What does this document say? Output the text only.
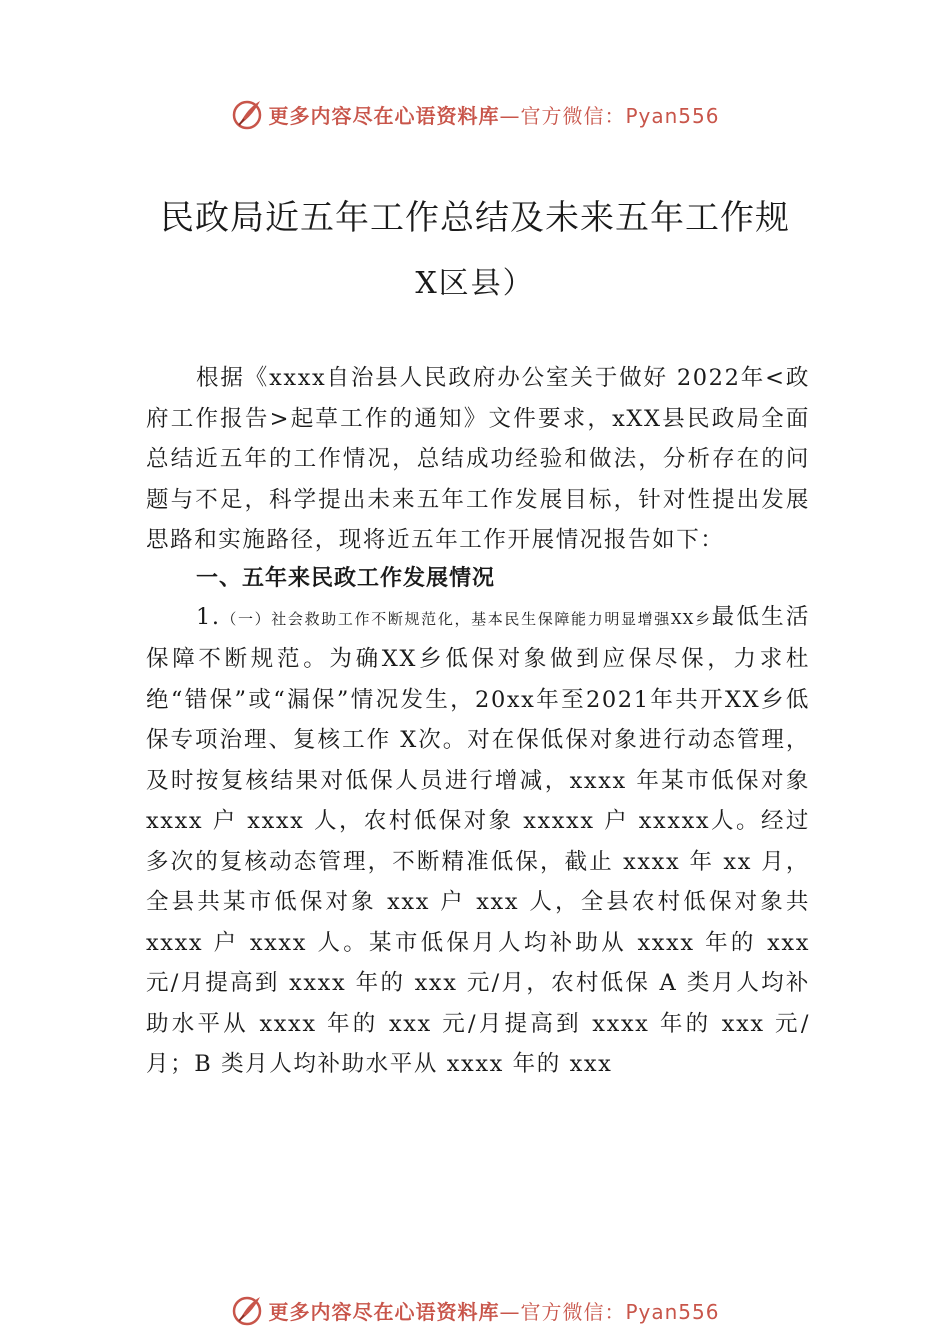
更多内容尽在心语资料库 —官方微信：Pyan556
民政局近五年工作总结及未来五年工作规
X区县）

根据《xxxx自治县人民政府办公室关于做好 2022年<政府工作报告>起草工作的通知》文件要求，xXX县民政局全面总结近五年的工作情况，总结成功经验和做法，分析存在的问题与不足，科学提出未来五年工作发展目标，针对性提出发展思路和实施路径，现将近五年工作开展情况报告如下：

一、五年来民政工作发展情况

1.（一）社会救助工作不断规范化，基本民生保障能力明显增强XX乡最低生活保障不断规范。为确XX乡低保对象做到应保尽保，力求杜绝“错保”或“漏保”情况发生，20xx年至2021年共开XX乡低保专项治理、复核工作 X次。对在保低保对象进行动态管理，及时按复核结果对低保人员进行增减，xxxx 年某市低保对象 xxxx 户 xxxx 人，农村低保对象 xxxxx 户 xxxxx人。经过多次的复核动态管理，不断精准低保，截止 xxxx 年 xx 月，全县共某市低保对象 xxx 户 xxx 人，全县农村低保对象共 xxxx 户 xxxx 人。某市低保月人均补助从 xxxx 年的 xxx 元/月提高到 xxxx 年的 xxx 元/月，农村低保 A 类月人均补助水平从 xxxx 年的 xxx 元/月提高到 xxxx 年的 xxx 元/月；B 类月人均补助水平从 xxxx 年的 xxx

更多内容尽在心语资料库 —官方微信：Pyan556
